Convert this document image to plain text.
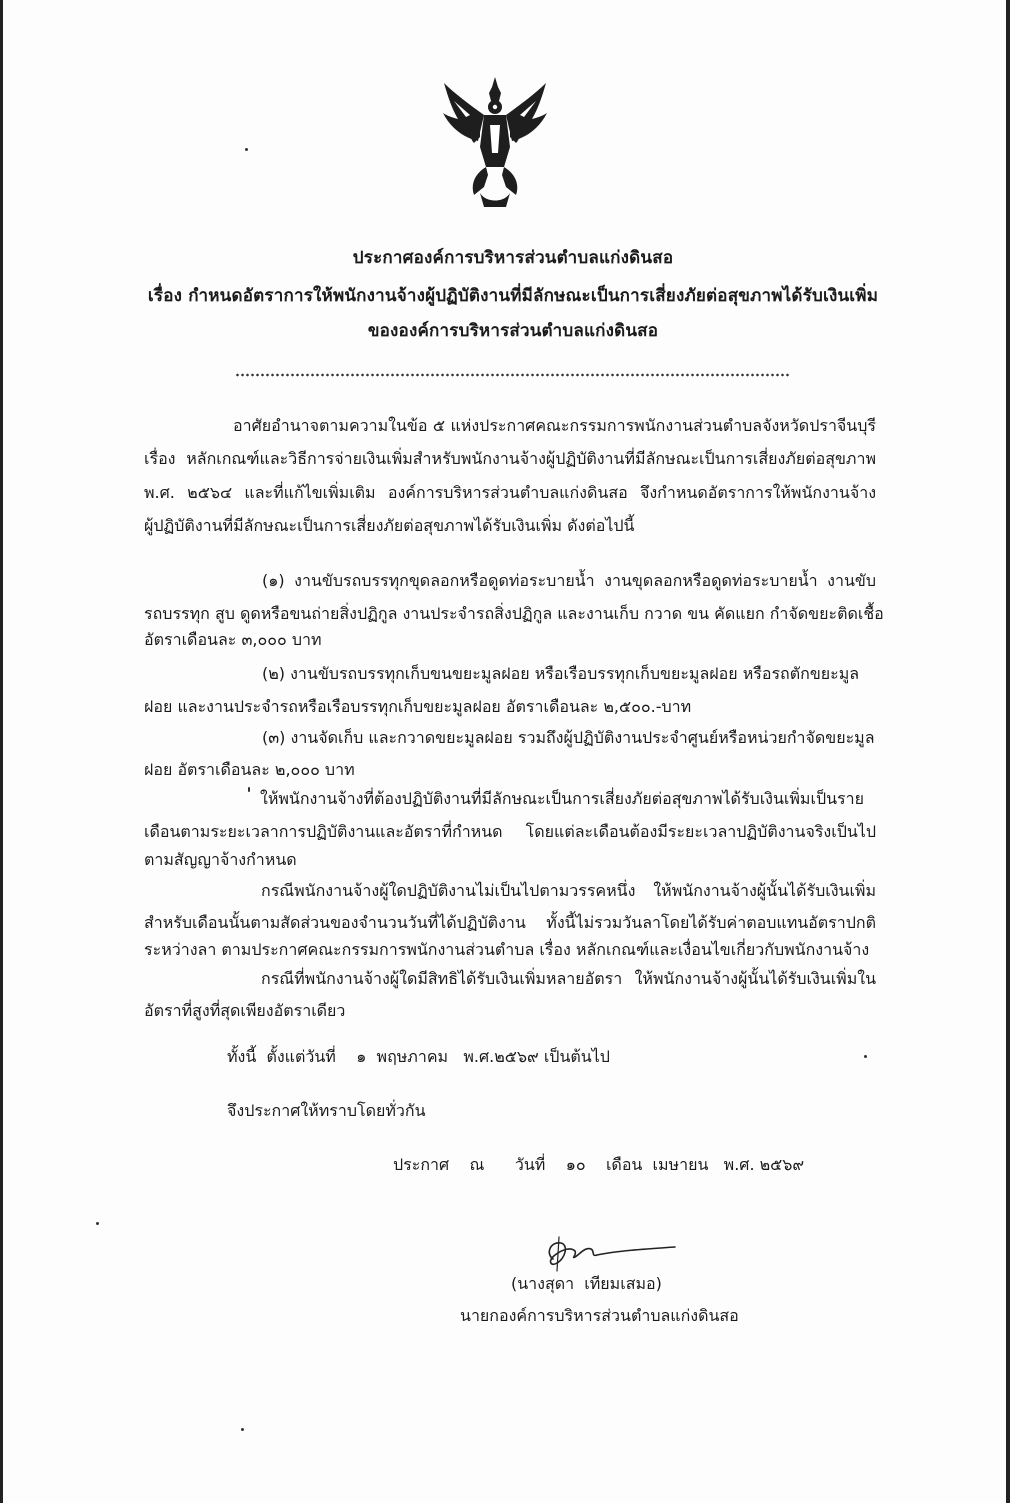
ประกาศองค์การบริหารส่วนตำบลแก่งดินสอ
เรื่อง กำหนดอัตราการให้พนักงานจ้างผู้ปฏิบัติงานที่มีลักษณะเป็นการเสี่ยงภัยต่อสุขภาพได้รับเงินเพิ่ม
ขององค์การบริหารส่วนตำบลแก่งดินสอ
อาศัยอำนาจตามความในข้อ ๕ แห่งประกาศคณะกรรมการพนักงานส่วนตำบลจังหวัดปราจีนบุรี
เรื่อง หลักเกณฑ์และวิธีการจ่ายเงินเพิ่มสำหรับพนักงานจ้างผู้ปฏิบัติงานที่มีลักษณะเป็นการเสี่ยงภัยต่อสุขภาพ
พ.ศ. ๒๕๖๔ และที่แก้ไขเพิ่มเติม องค์การบริหารส่วนตำบลแก่งดินสอ จึงกำหนดอัตราการให้พนักงานจ้าง
ผู้ปฏิบัติงานที่มีลักษณะเป็นการเสี่ยงภัยต่อสุขภาพได้รับเงินเพิ่ม ดังต่อไปนี้
(๑) งานขับรถบรรทุกขุดลอกหรือดูดท่อระบายน้ำ งานขุดลอกหรือดูดท่อระบายน้ำ งานขับ
รถบรรทุก สูบ ดูดหรือขนถ่ายสิ่งปฏิกูล งานประจำรถสิ่งปฏิกูล และงานเก็บ กวาด ขน คัดแยก กำจัดขยะติดเชื้อ
อัตราเดือนละ ๓,๐๐๐ บาท
(๒) งานขับรถบรรทุกเก็บขนขยะมูลฝอย หรือเรือบรรทุกเก็บขยะมูลฝอย หรือรถตักขยะมูล
ฝอย และงานประจำรถหรือเรือบรรทุกเก็บขยะมูลฝอย อัตราเดือนละ ๒,๕๐๐.-บาท
(๓) งานจัดเก็บ และกวาดขยะมูลฝอย รวมถึงผู้ปฏิบัติงานประจำศูนย์หรือหน่วยกำจัดขยะมูล
ฝอย อัตราเดือนละ ๒,๐๐๐ บาท
ให้พนักงานจ้างที่ต้องปฏิบัติงานที่มีลักษณะเป็นการเสี่ยงภัยต่อสุขภาพได้รับเงินเพิ่มเป็นราย
เดือนตามระยะเวลาการปฏิบัติงานและอัตราที่กำหนด โดยแต่ละเดือนต้องมีระยะเวลาปฏิบัติงานจริงเป็นไป
ตามสัญญาจ้างกำหนด
กรณีพนักงานจ้างผู้ใดปฏิบัติงานไม่เป็นไปตามวรรคหนึ่ง ให้พนักงานจ้างผู้นั้นได้รับเงินเพิ่ม
สำหรับเดือนนั้นตามสัดส่วนของจำนวนวันที่ได้ปฏิบัติงาน ทั้งนี้ไม่รวมวันลาโดยได้รับค่าตอบแทนอัตราปกติ
ระหว่างลา ตามประกาศคณะกรรมการพนักงานส่วนตำบล เรื่อง หลักเกณฑ์และเงื่อนไขเกี่ยวกับพนักงานจ้าง
กรณีที่พนักงานจ้างผู้ใดมีสิทธิได้รับเงินเพิ่มหลายอัตรา ให้พนักงานจ้างผู้นั้นได้รับเงินเพิ่มใน
อัตราที่สูงที่สุดเพียงอัตราเดียว
ทั้งนี้  ตั้งแต่วันที่    ๑  พฤษภาคม   พ.ศ.๒๕๖๙ เป็นต้นไป
จึงประกาศให้ทราบโดยทั่วกัน
ประกาศ    ณ      วันที่    ๑๐    เดือน  เมษายน   พ.ศ. ๒๕๖๙
(นางสุดา  เทียมเสมอ)
นายกองค์การบริหารส่วนตำบลแก่งดินสอ
